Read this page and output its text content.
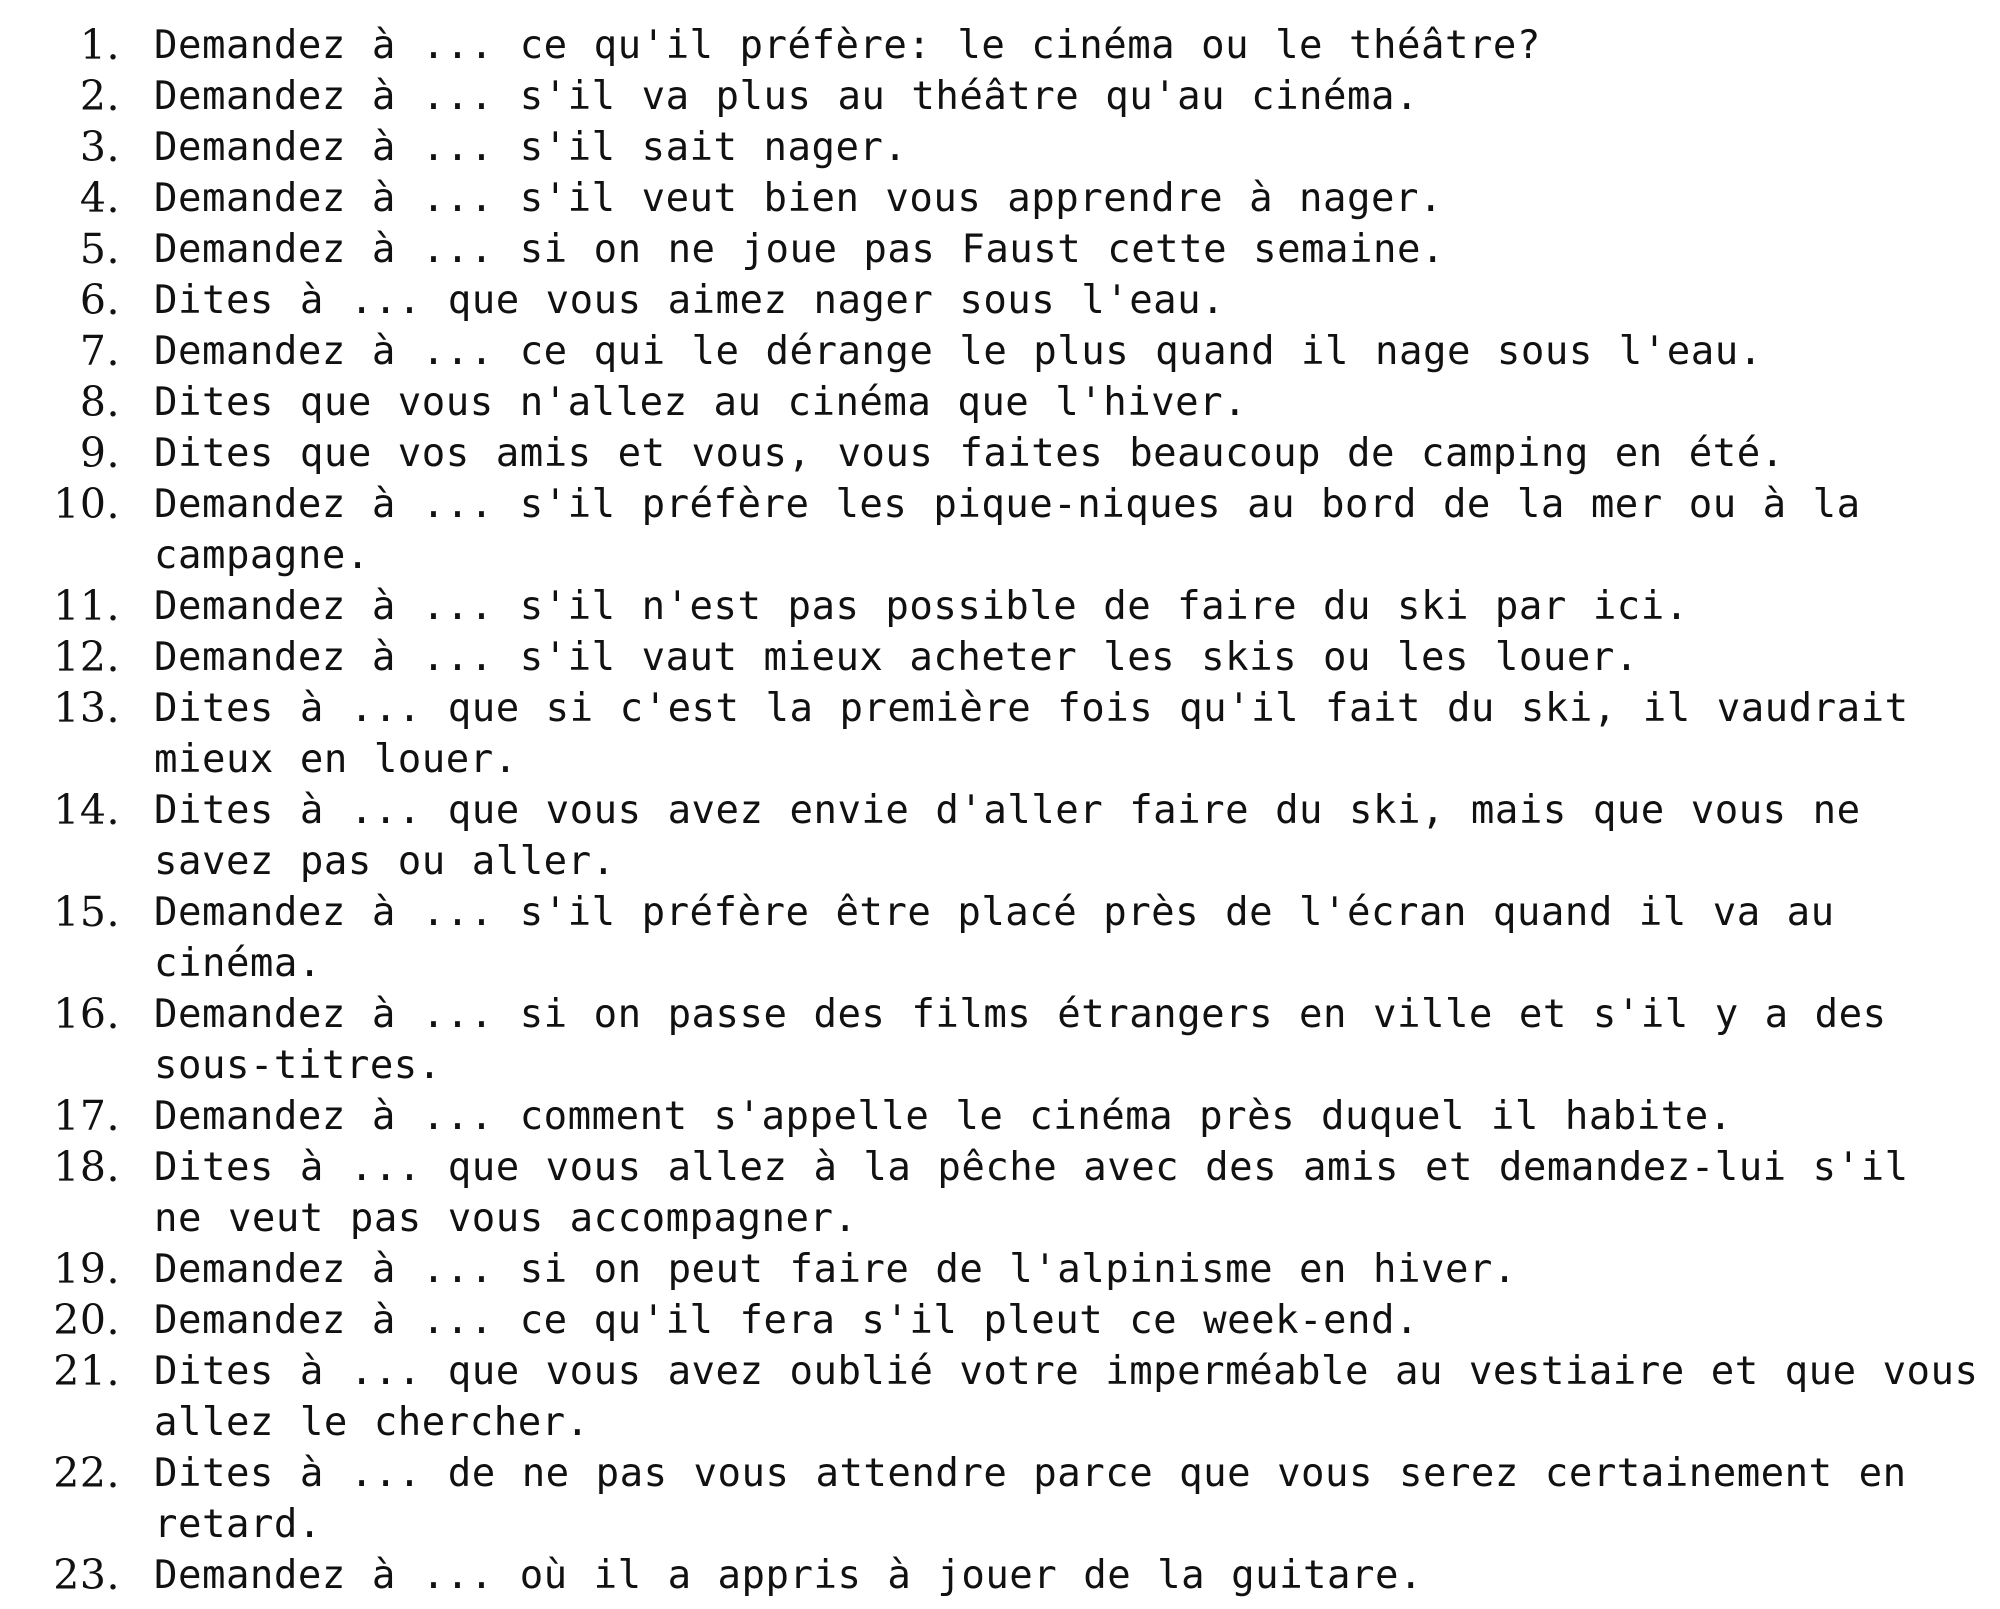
1. Demandez à ... ce qu'il préfère: le cinéma ou le théâtre?
2. Demandez à ... s'il va plus au théâtre qu'au cinéma.
3. Demandez à ... s'il sait nager.
4. Demandez à ... s'il veut bien vous apprendre à nager.
5. Demandez à ... si on ne joue pas Faust cette semaine.
6. Dites à ... que vous aimez nager sous l'eau.
7. Demandez à ... ce qui le dérange le plus quand il nage sous l'eau.
8. Dites que vous n'allez au cinéma que l'hiver.
9. Dites que vos amis et vous, vous faites beaucoup de camping en été.
10. Demandez à ... s'il préfère les pique-niques au bord de la mer ou à la campagne.
11. Demandez à ... s'il n'est pas possible de faire du ski par ici.
12. Demandez à ... s'il vaut mieux acheter les skis ou les louer.
13. Dites à ... que si c'est la première fois qu'il fait du ski, il vaudrait mieux en louer.
14. Dites à ... que vous avez envie d'aller faire du ski, mais que vous ne savez pas ou aller.
15. Demandez à ... s'il préfère être placé près de l'écran quand il va au cinéma.
16. Demandez à ... si on passe des films étrangers en ville et s'il y a des sous-titres.
17. Demandez à ... comment s'appelle le cinéma près duquel il habite.
18. Dites à ... que vous allez à la pêche avec des amis et demandez-lui s'il ne veut pas vous accompagner.
19. Demandez à ... si on peut faire de l'alpinisme en hiver.
20. Demandez à ... ce qu'il fera s'il pleut ce week-end.
21. Dites à ... que vous avez oublié votre imperméable au vestiaire et que vous allez le chercher.
22. Dites à ... de ne pas vous attendre parce que vous serez certainement en retard.
23. Demandez à ... où il a appris à jouer de la guitare.
